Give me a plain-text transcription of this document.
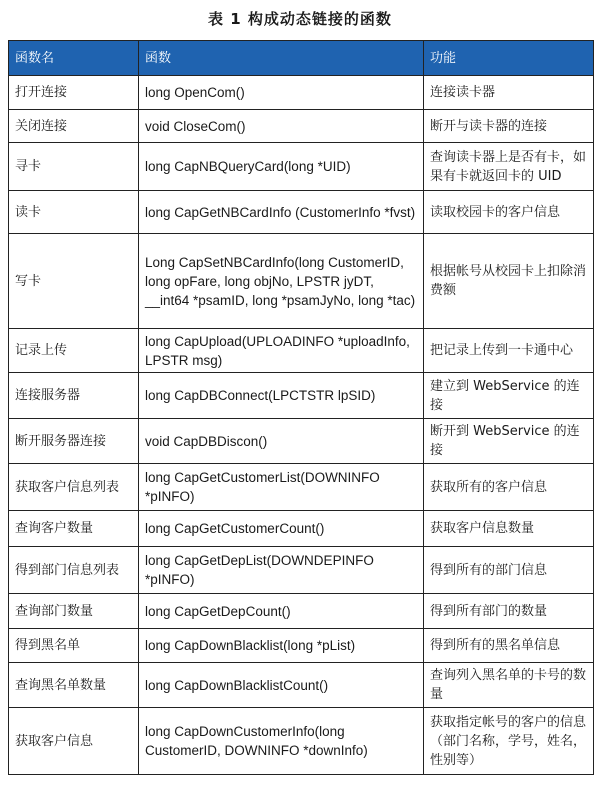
表 1 构成动态链接的函数
函数名	函数	功能
打开连接	long OpenCom()	连接读卡器
关闭连接	void CloseCom()	断开与读卡器的连接
寻卡	long CapNBQueryCard(long *UID)	查询读卡器上是否有卡，如果有卡就返回卡的 UID
读卡	long CapGetNBCardInfo (CustomerInfo *fvst)	读取校园卡的客户信息
写卡	Long CapSetNBCardInfo(long CustomerID, long opFare, long objNo, LPSTR jyDT, __int64 *psamID, long *psamJyNo, long *tac)	根据帐号从校园卡上扣除消费额
记录上传	long CapUpload(UPLOADINFO *uploadInfo, LPSTR msg)	把记录上传到一卡通中心
连接服务器	long CapDBConnect(LPCTSTR lpSID)	建立到 WebService 的连接
断开服务器连接	void CapDBDiscon()	断开到 WebService 的连接
获取客户信息列表	long CapGetCustomerList(DOWNINFO *pINFO)	获取所有的客户信息
查询客户数量	long CapGetCustomerCount()	获取客户信息数量
得到部门信息列表	long CapGetDepList(DOWNDEPINFO *pINFO)	得到所有的部门信息
查询部门数量	long CapGetDepCount()	得到所有部门的数量
得到黑名单	long CapDownBlacklist(long *pList)	得到所有的黑名单信息
查询黑名单数量	long CapDownBlacklistCount()	查询列入黑名单的卡号的数量
获取客户信息	long CapDownCustomerInfo(long CustomerID, DOWNINFO *downInfo)	获取指定帐号的客户的信息（部门名称，学号，姓名，性别等）
